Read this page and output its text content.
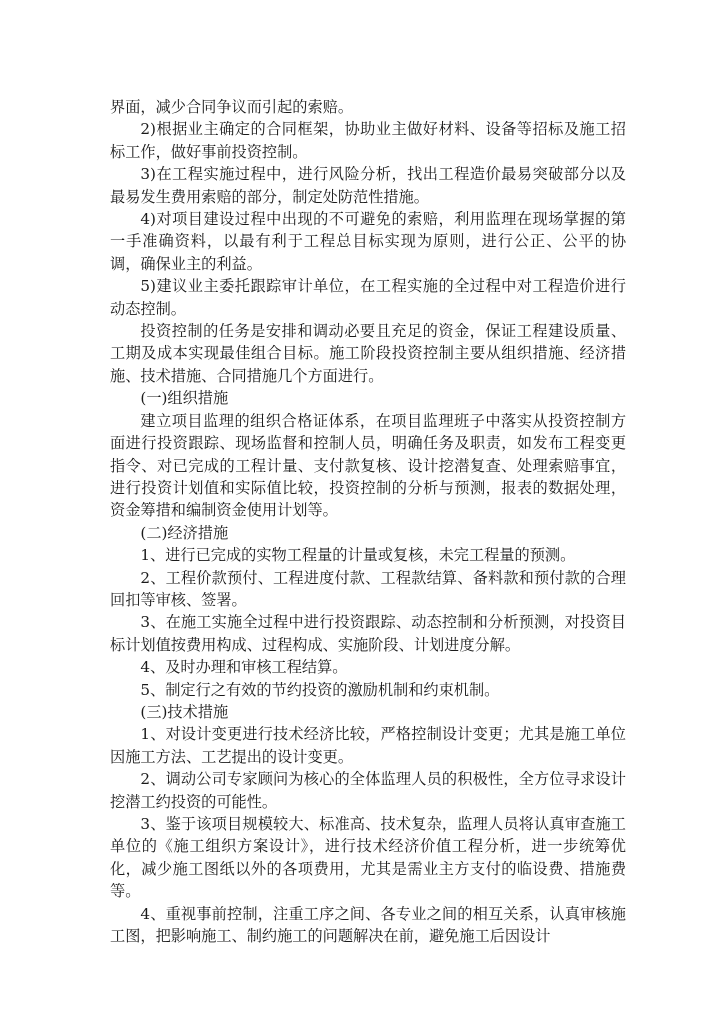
界面，减少合同争议而引起的索赔。

2)根据业主确定的合同框架，协助业主做好材料、设备等招标及施工招标工作，做好事前投资控制。

3)在工程实施过程中，进行风险分析，找出工程造价最易突破部分以及最易发生费用索赔的部分，制定处防范性措施。

4)对项目建设过程中出现的不可避免的索赔，利用监理在现场掌握的第一手准确资料，以最有利于工程总目标实现为原则，进行公正、公平的协调，确保业主的利益。

5)建议业主委托跟踪审计单位，在工程实施的全过程中对工程造价进行动态控制。

投资控制的任务是安排和调动必要且充足的资金，保证工程建设质量、工期及成本实现最佳组合目标。施工阶段投资控制主要从组织措施、经济措施、技术措施、合同措施几个方面进行。

(一)组织措施

建立项目监理的组织合格证体系，在项目监理班子中落实从投资控制方面进行投资跟踪、现场监督和控制人员，明确任务及职责，如发布工程变更指令、对已完成的工程计量、支付款复核、设计挖潜复查、处理索赔事宜，进行投资计划值和实际值比较，投资控制的分析与预测，报表的数据处理，资金筹措和编制资金使用计划等。

(二)经济措施

1、进行已完成的实物工程量的计量或复核，未完工程量的预测。

2、工程价款预付、工程进度付款、工程款结算、备料款和预付款的合理回扣等审核、签署。

3、在施工实施全过程中进行投资跟踪、动态控制和分析预测，对投资目标计划值按费用构成、过程构成、实施阶段、计划进度分解。

4、及时办理和审核工程结算。

5、制定行之有效的节约投资的激励机制和约束机制。

(三)技术措施

1、对设计变更进行技术经济比较，严格控制设计变更；尤其是施工单位因施工方法、工艺提出的设计变更。

2、调动公司专家顾问为核心的全体监理人员的积极性，全方位寻求设计挖潜工约投资的可能性。

3、鉴于该项目规模较大、标准高、技术复杂，监理人员将认真审查施工单位的《施工组织方案设计》，进行技术经济价值工程分析，进一步统筹优化，减少施工图纸以外的各项费用，尤其是需业主方支付的临设费、措施费等。

4、重视事前控制，注重工序之间、各专业之间的相互关系，认真审核施工图，把影响施工、制约施工的问题解决在前，避免施工后因设计
